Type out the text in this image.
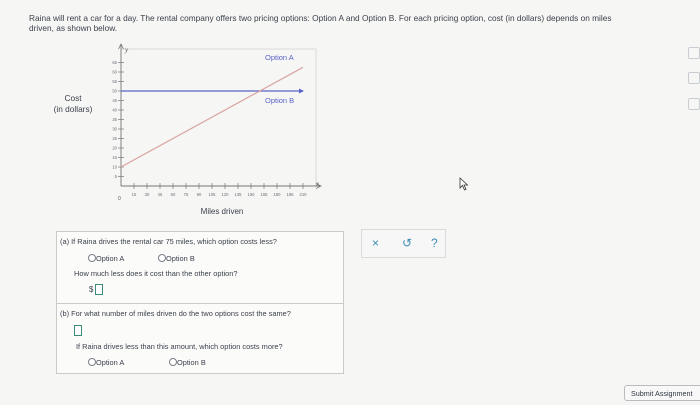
Raina will rent a car for a day. The rental company offers two pricing options: Option A and Option B. For each pricing option, cost (in dollars) depends on miles
driven, as shown below.
Cost
(in dollars)
5
10
15
20
25
30
35
40
45
50
55
60
65
15 30 45 60 75 90 105 120 135 150 165 180 195 210
Miles driven
y
x
0
Option A
Option B
(a) If Raina drives the rental car 75 miles, which option costs less?
Option A	Option B
How much less does it cost than the other option?
$
(b) For what number of miles driven do the two options cost the same?
If Raina drives less than this amount, which option costs more?
Option A	Option B
× ↺ ?
Submit Assignment
